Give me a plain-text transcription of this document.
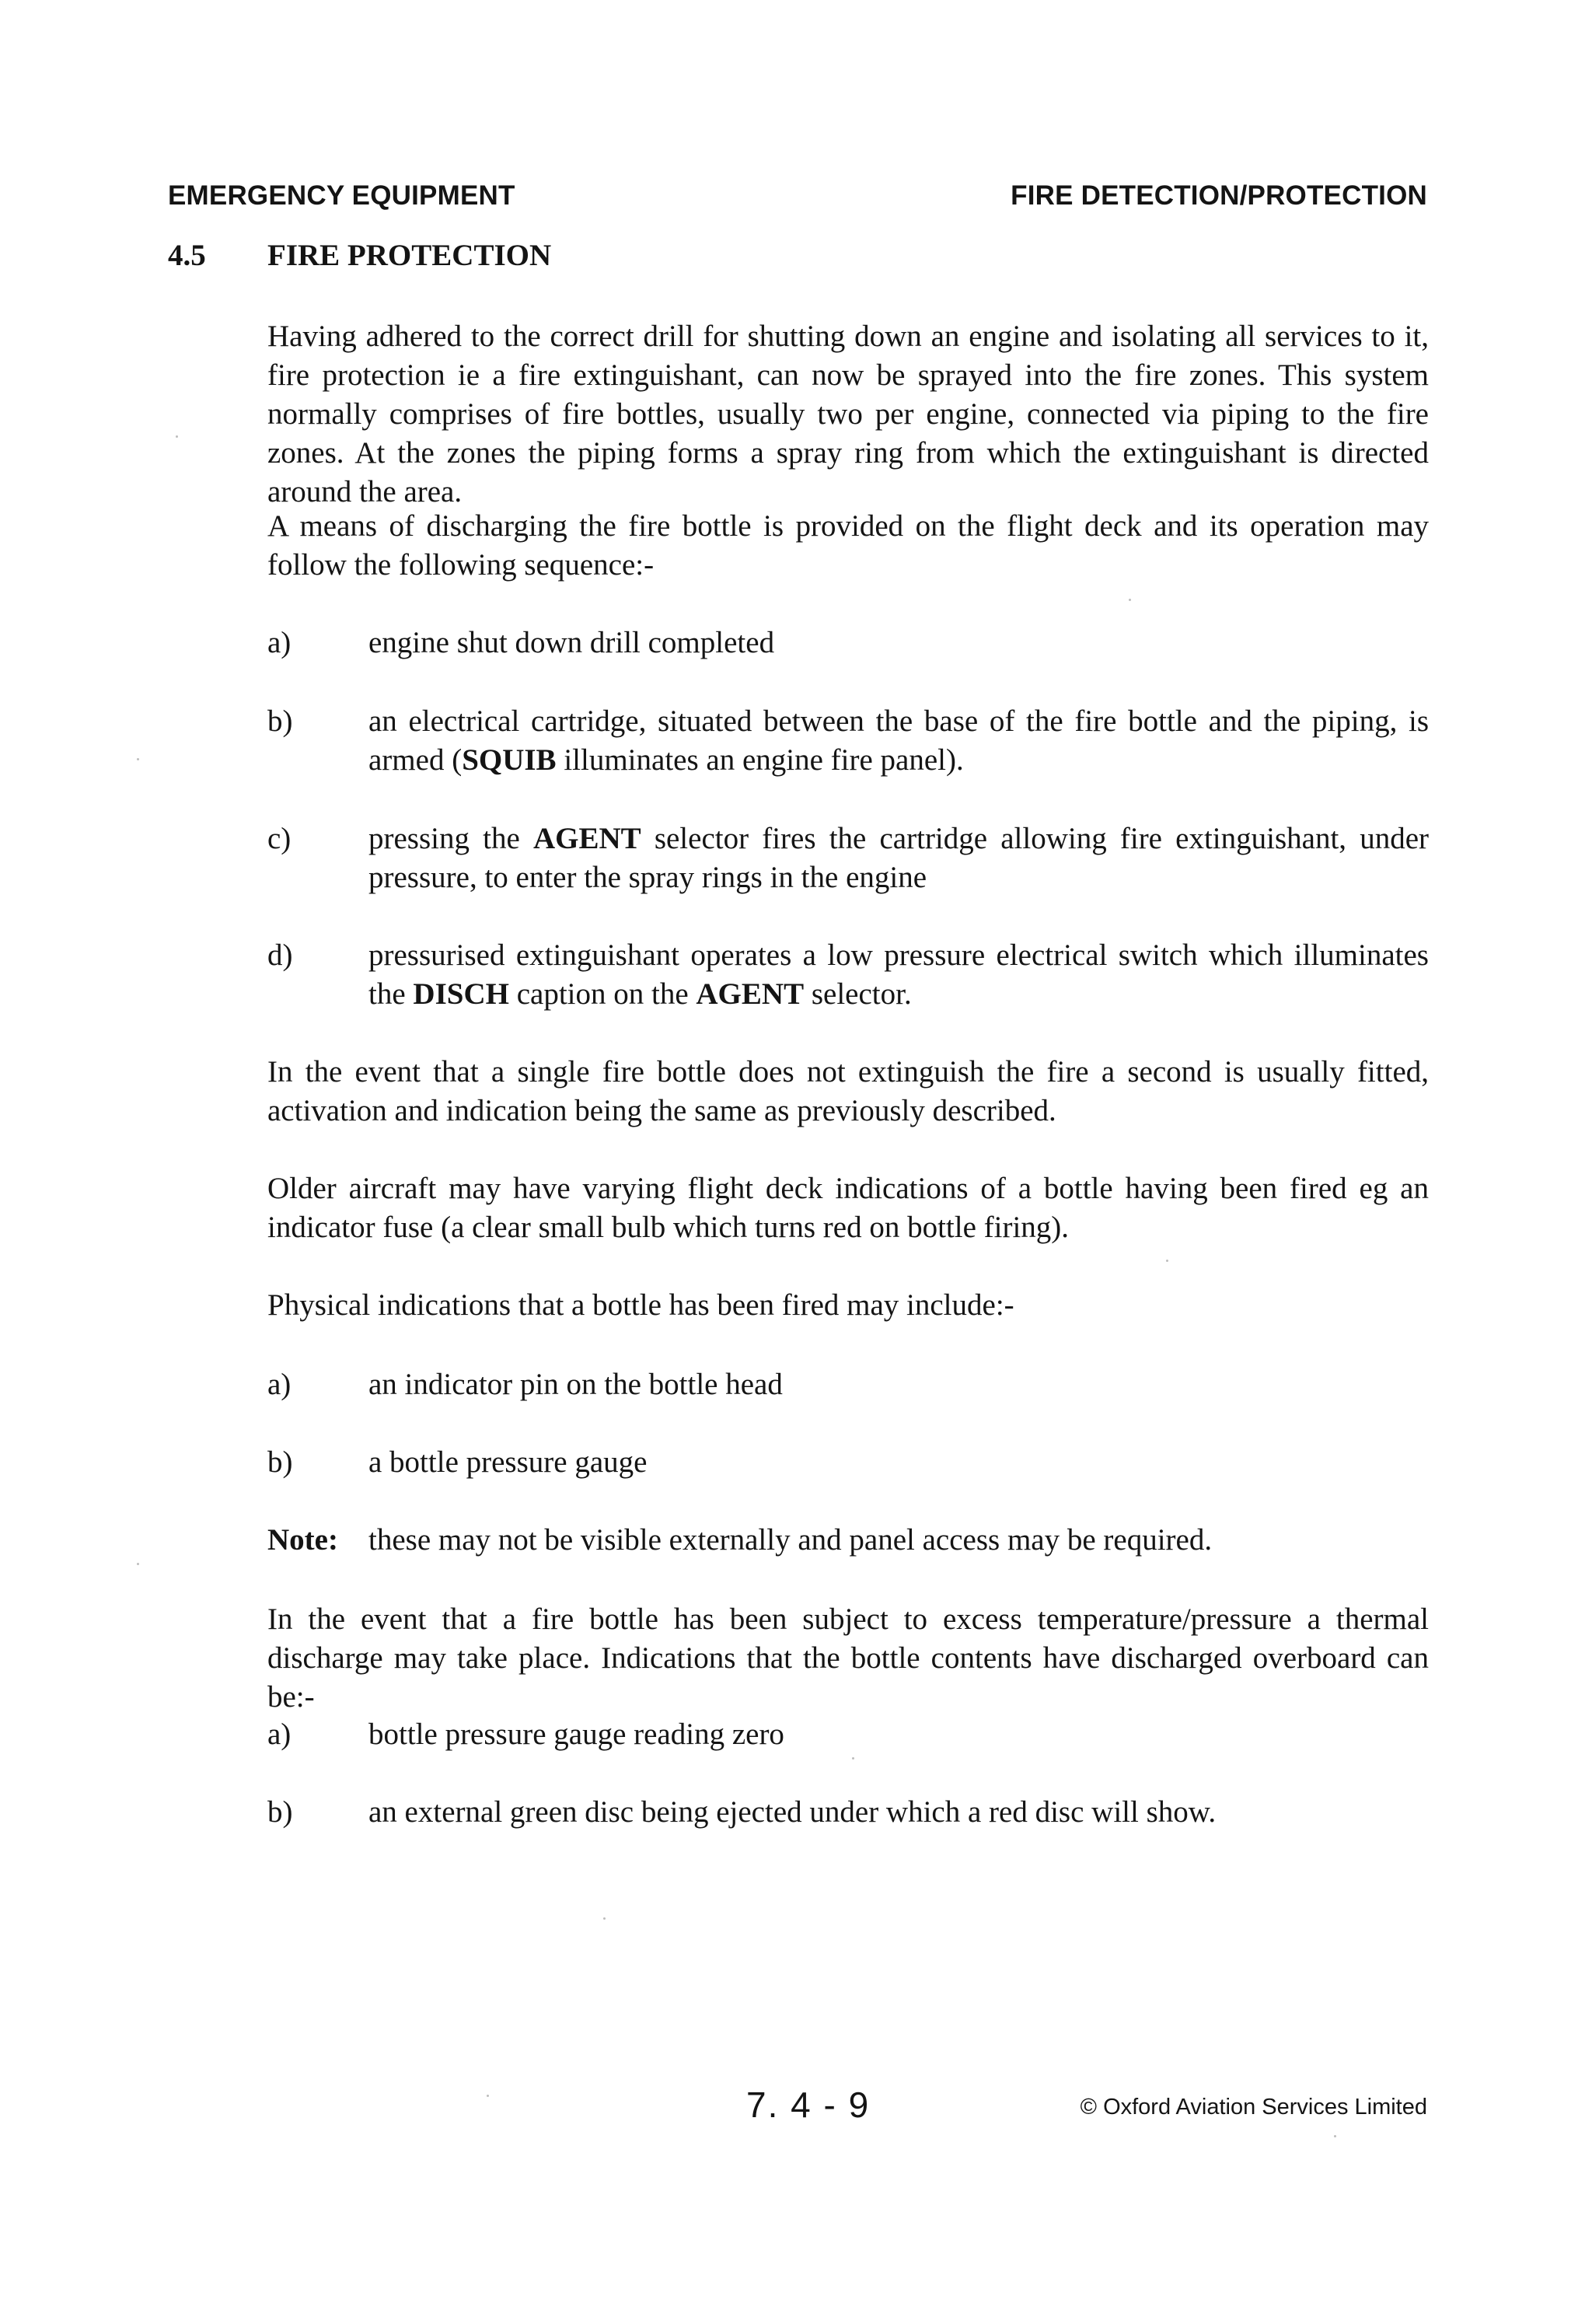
EMERGENCY EQUIPMENT	FIRE DETECTION/PROTECTION
4.5 FIRE PROTECTION

Having adhered to the correct drill for shutting down an engine and isolating all services to it, fire protection ie a fire extinguishant, can now be sprayed into the fire zones. This system normally comprises of fire bottles, usually two per engine, connected via piping to the fire zones. At the zones the piping forms a spray ring from which the extinguishant is directed around the area.

A means of discharging the fire bottle is provided on the flight deck and its operation may follow the following sequence:-

a)	engine shut down drill completed
b)	an electrical cartridge, situated between the base of the fire bottle and the piping, is armed (SQUIB illuminates an engine fire panel).
c)	pressing the AGENT selector fires the cartridge allowing fire extinguishant, under pressure, to enter the spray rings in the engine
d)	pressurised extinguishant operates a low pressure electrical switch which illuminates the DISCH caption on the AGENT selector.

In the event that a single fire bottle does not extinguish the fire a second is usually fitted, activation and indication being the same as previously described.

Older aircraft may have varying flight deck indications of a bottle having been fired eg an indicator fuse (a clear small bulb which turns red on bottle firing).

Physical indications that a bottle has been fired may include:-

a)	an indicator pin on the bottle head
b)	a bottle pressure gauge
Note: these may not be visible externally and panel access may be required.

In the event that a fire bottle has been subject to excess temperature/pressure a thermal discharge may take place. Indications that the bottle contents have discharged overboard can be:-

a)	bottle pressure gauge reading zero
b)	an external green disc being ejected under which a red disc will show.
7. 4 - 9	© Oxford Aviation Services Limited
